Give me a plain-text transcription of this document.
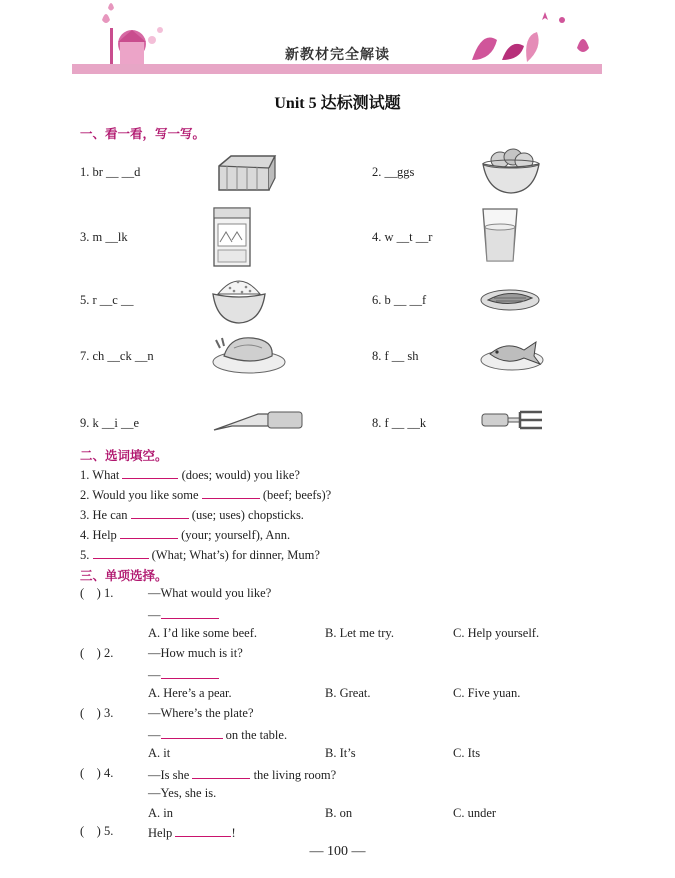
新教材完全解读
Unit 5 达标测试题
一、看一看，写一写。
1. br __ __d	2. __ggs
3. m __lk	4. w __t __r
5. r __c __	6. b __ __f
7. ch __ck __n	8. f __ sh
9. k __i __e	8. f __ __k
二、选词填空。
1. What	(does; would) you like?
2. Would you like some	(beef; beefs)?
3. He can	(use; uses) chopsticks.
4. Help	(your; yourself), Ann.
5.	(What; What’s) for dinner, Mum?
三、单项选择。
(    ) 1.	—What would you like?
—
A. I’d like some beef.	B. Let me try.	C. Help yourself.
(    ) 2.	—How much is it?
—
A. Here’s a pear.	B. Great.	C. Five yuan.
(    ) 3.	—Where’s the plate?
—	on the table.
A. it	B. It’s	C. Its
(    ) 4.	—Is she	the living room?
—Yes, she is.
A. in	B. on	C. under
(    ) 5.	Help	!
— 100 —
